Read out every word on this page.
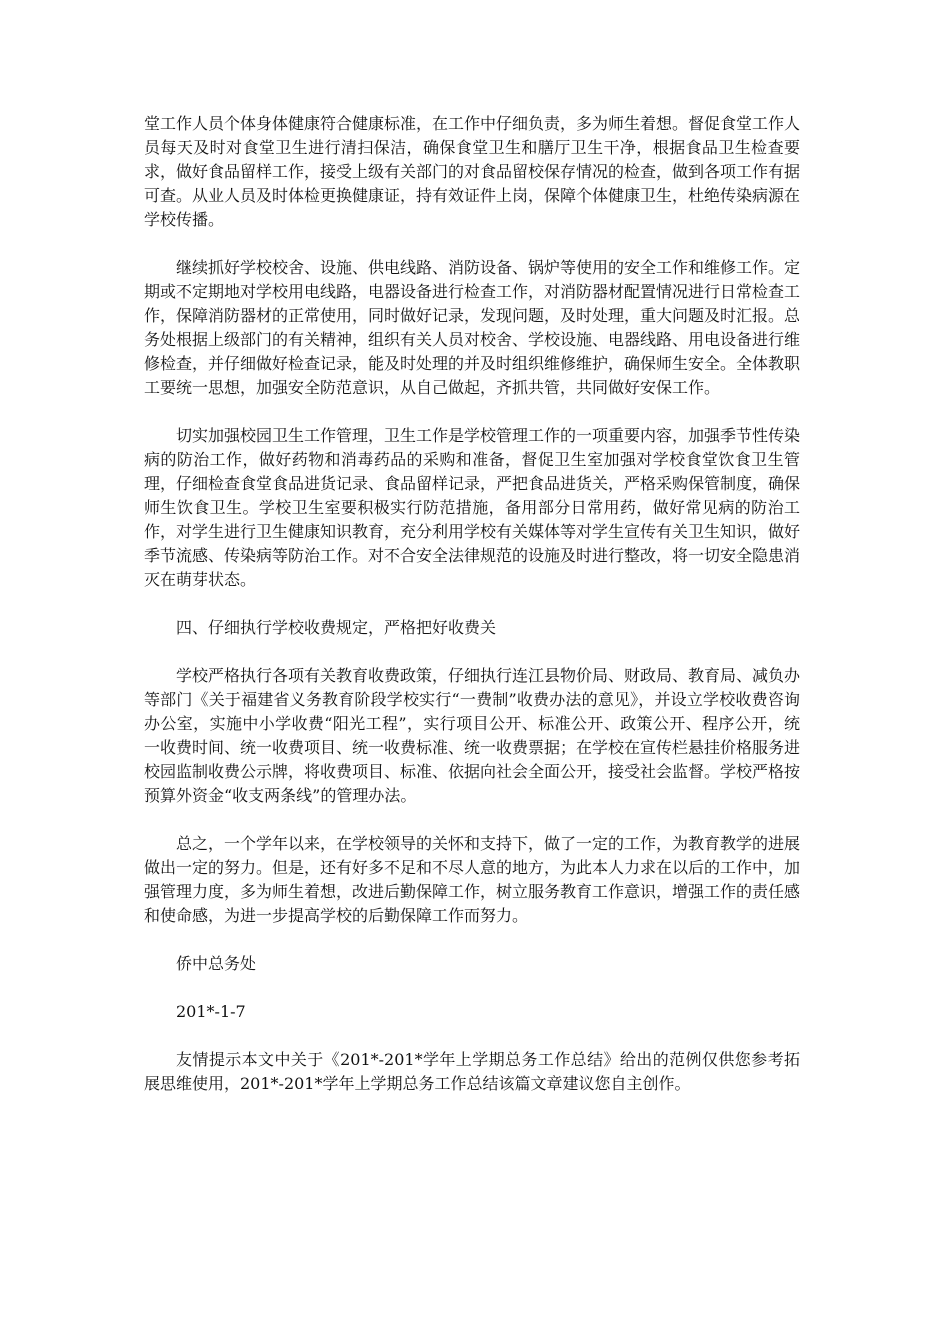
堂工作人员个体身体健康符合健康标准，在工作中仔细负责，多为师生着想。督促食堂工作人员每天及时对食堂卫生进行清扫保洁，确保食堂卫生和膳厅卫生干净，根据食品卫生检查要求，做好食品留样工作，接受上级有关部门的对食品留校保存情况的检查，做到各项工作有据可查。从业人员及时体检更换健康证，持有效证件上岗，保障个体健康卫生，杜绝传染病源在学校传播。

继续抓好学校校舍、设施、供电线路、消防设备、锅炉等使用的安全工作和维修工作。定期或不定期地对学校用电线路，电器设备进行检查工作，对消防器材配置情况进行日常检查工作，保障消防器材的正常使用，同时做好记录，发现问题，及时处理，重大问题及时汇报。总务处根据上级部门的有关精神，组织有关人员对校舍、学校设施、电器线路、用电设备进行维修检查，并仔细做好检查记录，能及时处理的并及时组织维修维护，确保师生安全。全体教职工要统一思想，加强安全防范意识，从自己做起，齐抓共管，共同做好安保工作。

切实加强校园卫生工作管理，卫生工作是学校管理工作的一项重要内容，加强季节性传染病的防治工作，做好药物和消毒药品的采购和准备，督促卫生室加强对学校食堂饮食卫生管理，仔细检查食堂食品进货记录、食品留样记录，严把食品进货关，严格采购保管制度，确保师生饮食卫生。学校卫生室要积极实行防范措施，备用部分日常用药，做好常见病的防治工作，对学生进行卫生健康知识教育，充分利用学校有关媒体等对学生宣传有关卫生知识，做好季节流感、传染病等防治工作。对不合安全法律规范的设施及时进行整改，将一切安全隐患消灭在萌芽状态。

四、仔细执行学校收费规定，严格把好收费关

学校严格执行各项有关教育收费政策，仔细执行连江县物价局、财政局、教育局、减负办等部门《关于福建省义务教育阶段学校实行“一费制”收费办法的意见》，并设立学校收费咨询办公室，实施中小学收费“阳光工程”，实行项目公开、标准公开、政策公开、程序公开，统一收费时间、统一收费项目、统一收费标准、统一收费票据；在学校在宣传栏悬挂价格服务进校园监制收费公示牌，将收费项目、标准、依据向社会全面公开，接受社会监督。学校严格按预算外资金“收支两条线”的管理办法。

总之，一个学年以来，在学校领导的关怀和支持下，做了一定的工作，为教育教学的进展做出一定的努力。但是，还有好多不足和不尽人意的地方，为此本人力求在以后的工作中，加强管理力度，多为师生着想，改进后勤保障工作，树立服务教育工作意识，增强工作的责任感和使命感，为进一步提高学校的后勤保障工作而努力。

侨中总务处

201*-1-7

友情提示本文中关于《201*-201*学年上学期总务工作总结》给出的范例仅供您参考拓展思维使用，201*-201*学年上学期总务工作总结该篇文章建议您自主创作。
